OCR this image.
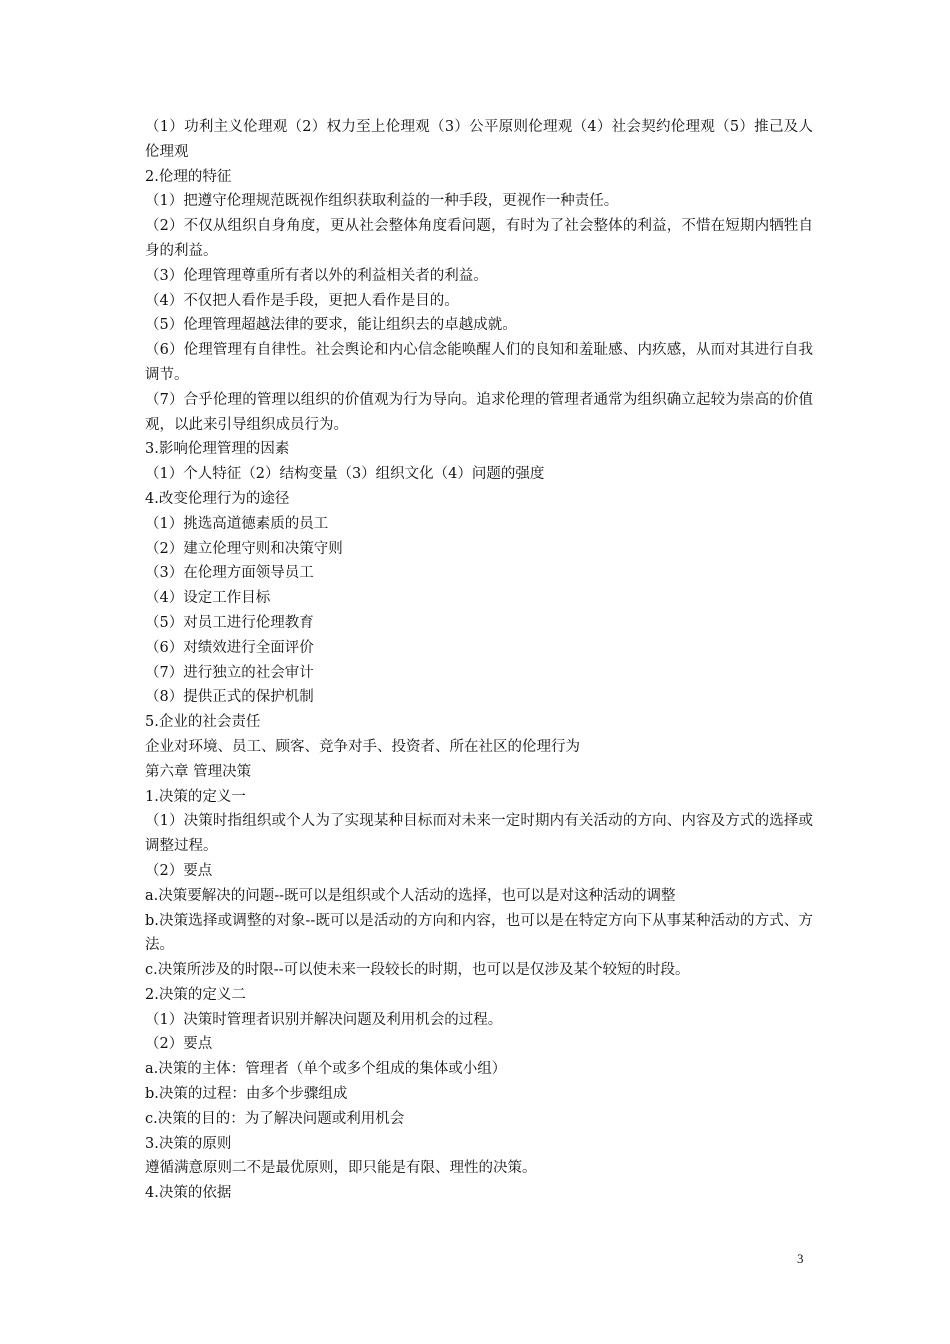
（1）功利主义伦理观（2）权力至上伦理观（3）公平原则伦理观（4）社会契约伦理观（5）推己及人伦理观

2.伦理的特征

（1）把遵守伦理规范既视作组织获取利益的一种手段，更视作一种责任。

（2）不仅从组织自身角度，更从社会整体角度看问题，有时为了社会整体的利益，不惜在短期内牺牲自身的利益。

（3）伦理管理尊重所有者以外的利益相关者的利益。

（4）不仅把人看作是手段，更把人看作是目的。

（5）伦理管理超越法律的要求，能让组织去的卓越成就。

（6）伦理管理有自律性。社会舆论和内心信念能唤醒人们的良知和羞耻感、内疚感，从而对其进行自我调节。

（7）合乎伦理的管理以组织的价值观为行为导向。追求伦理的管理者通常为组织确立起较为崇高的价值观，以此来引导组织成员行为。

3.影响伦理管理的因素

（1）个人特征（2）结构变量（3）组织文化（4）问题的强度

4.改变伦理行为的途径

（1）挑选高道德素质的员工

（2）建立伦理守则和决策守则

（3）在伦理方面领导员工

（4）设定工作目标

（5）对员工进行伦理教育

（6）对绩效进行全面评价

（7）进行独立的社会审计

（8）提供正式的保护机制

5.企业的社会责任

企业对环境、员工、顾客、竞争对手、投资者、所在社区的伦理行为

第六章 管理决策

1.决策的定义一

（1）决策时指组织或个人为了实现某种目标而对未来一定时期内有关活动的方向、内容及方式的选择或调整过程。

（2）要点

a.决策要解决的问题--既可以是组织或个人活动的选择，也可以是对这种活动的调整

b.决策选择或调整的对象--既可以是活动的方向和内容，也可以是在特定方向下从事某种活动的方式、方法。

c.决策所涉及的时限--可以使未来一段较长的时期，也可以是仅涉及某个较短的时段。

2.决策的定义二

（1）决策时管理者识别并解决问题及利用机会的过程。

（2）要点

a.决策的主体：管理者（单个或多个组成的集体或小组）

b.决策的过程：由多个步骤组成

c.决策的目的：为了解决问题或利用机会

3.决策的原则

遵循满意原则二不是最优原则，即只能是有限、理性的决策。

4.决策的依据

3
